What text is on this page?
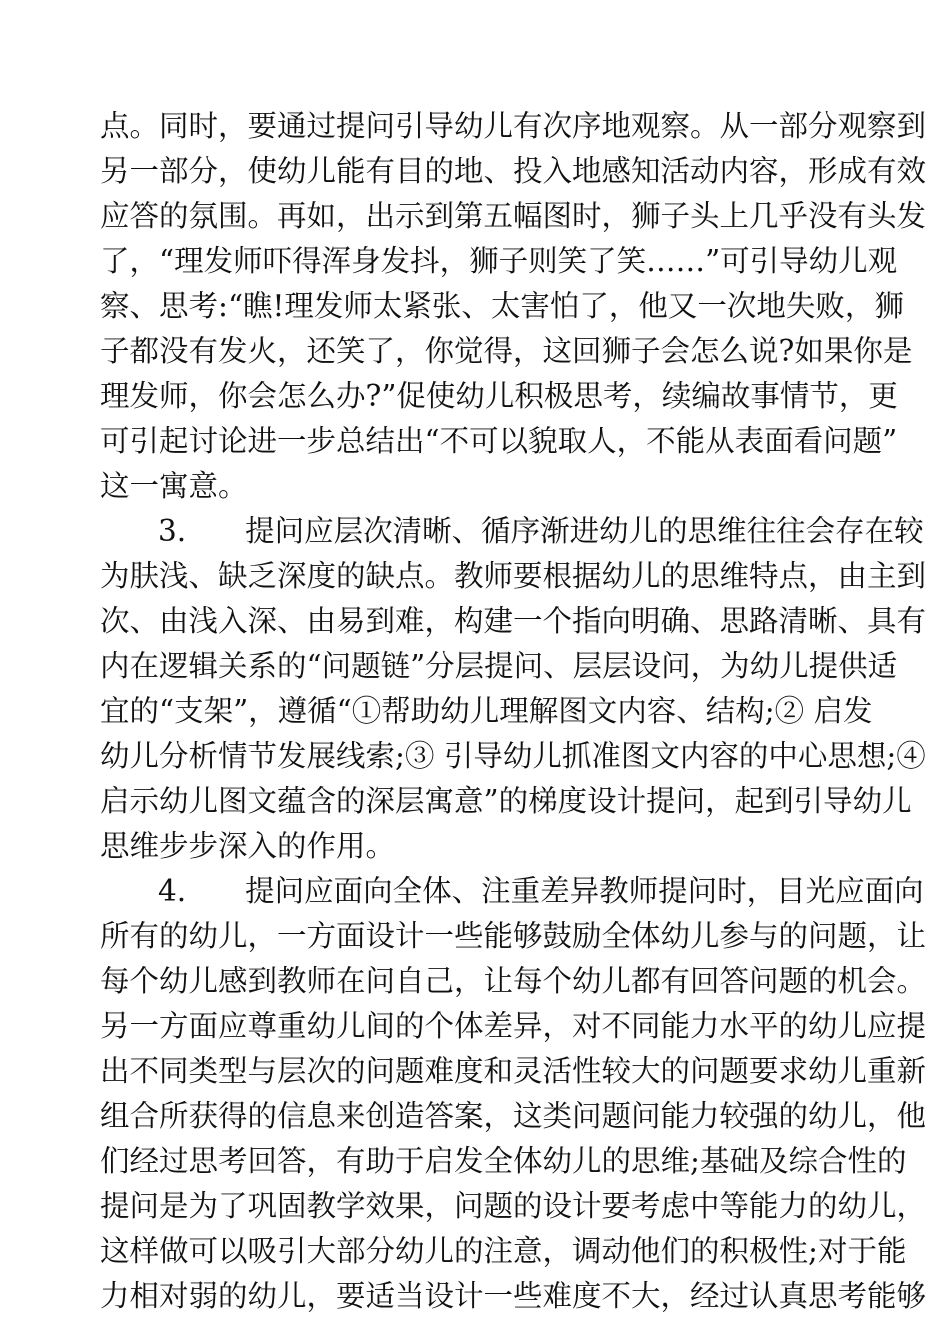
点。同时，要通过提问引导幼儿有次序地观察。从一部分观察到
另一部分，使幼儿能有目的地、投入地感知活动内容，形成有效
应答的氛围。再如，出示到第五幅图时，狮子头上几乎没有头发
了，“理发师吓得浑身发抖，狮子则笑了笑……”可引导幼儿观
察、思考:“瞧!理发师太紧张、太害怕了，他又一次地失败，狮
子都没有发火，还笑了，你觉得，这回狮子会怎么说?如果你是
理发师，你会怎么办?”促使幼儿积极思考，续编故事情节，更
可引起讨论进一步总结出“不可以貌取人，不能从表面看问题”
这一寓意。
3.　　提问应层次清晰、循序渐进幼儿的思维往往会存在较
为肤浅、缺乏深度的缺点。教师要根据幼儿的思维特点，由主到
次、由浅入深、由易到难，构建一个指向明确、思路清晰、具有
内在逻辑关系的“问题链”分层提问、层层设问，为幼儿提供适
宜的“支架”，遵循“①帮助幼儿理解图文内容、结构;② 启发
幼儿分析情节发展线索;③ 引导幼儿抓准图文内容的中心思想;④
启示幼儿图文蕴含的深层寓意”的梯度设计提问，起到引导幼儿
思维步步深入的作用。
4.　　提问应面向全体、注重差异教师提问时，目光应面向
所有的幼儿，一方面设计一些能够鼓励全体幼儿参与的问题，让
每个幼儿感到教师在问自己，让每个幼儿都有回答问题的机会。
另一方面应尊重幼儿间的个体差异，对不同能力水平的幼儿应提
出不同类型与层次的问题难度和灵活性较大的问题要求幼儿重新
组合所获得的信息来创造答案，这类问题问能力较强的幼儿，他
们经过思考回答，有助于启发全体幼儿的思维;基础及综合性的
提问是为了巩固教学效果，问题的设计要考虑中等能力的幼儿，
这样做可以吸引大部分幼儿的注意，调动他们的积极性;对于能
力相对弱的幼儿，要适当设计一些难度不大，经过认真思考能够
